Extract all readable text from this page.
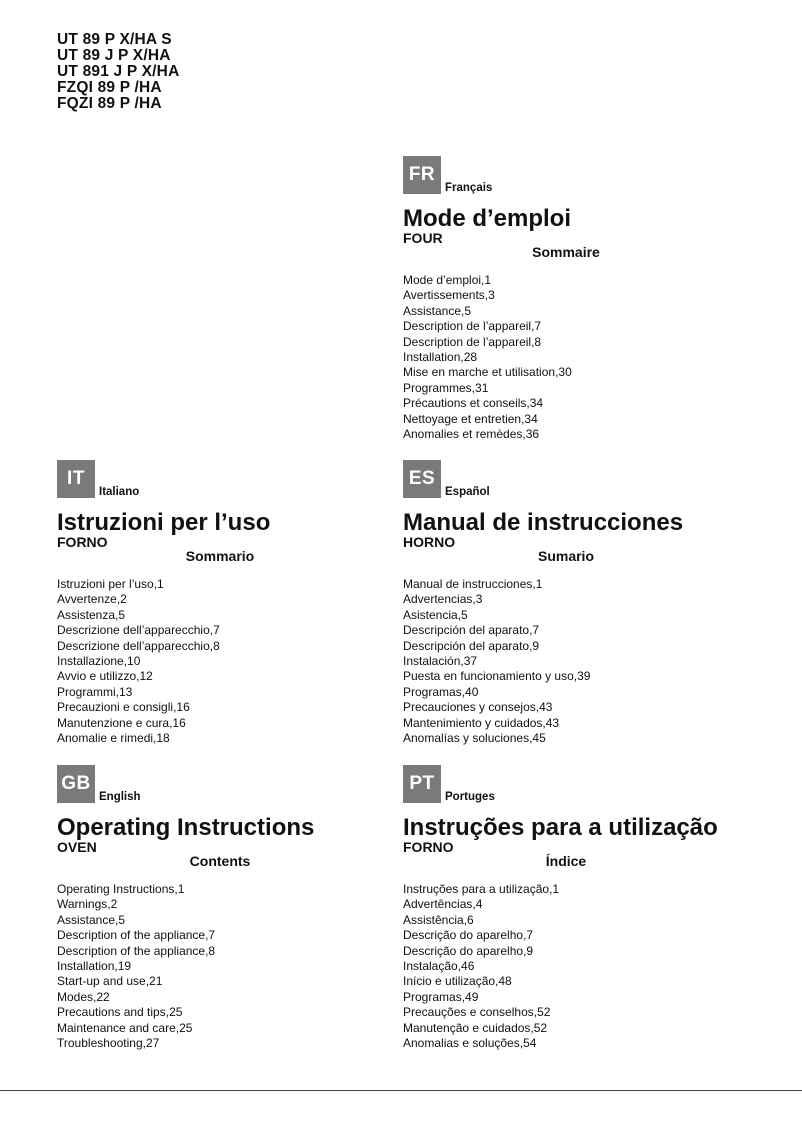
UT 89 P X/HA S
UT 89 J P X/HA
UT 891 J P X/HA
FZQI 89 P /HA
FQZI 89 P /HA
FR
Français
Mode d’emploi
FOUR
Sommaire
Mode d’emploi,1
Avertissements,3
Assistance,5
Description de l’appareil,7
Description de l’appareil,8
Installation,28
Mise en marche et utilisation,30
Programmes,31
Précautions et conseils,34
Nettoyage et entretien,34
Anomalies et remèdes,36
IT
Italiano
Istruzioni per l’uso
FORNO
Sommario
Istruzioni per l’uso,1
Avvertenze,2
Assistenza,5
Descrizione dell’apparecchio,7
Descrizione dell’apparecchio,8
Installazione,10
Avvio e utilizzo,12
Programmi,13
Precauzioni e consigli,16
Manutenzione e cura,16
Anomalie e rimedi,18
ES
Español
Manual de instrucciones
HORNO
Sumario
Manual de instrucciones,1
Advertencias,3
Asistencia,5
Descripción del aparato,7
Descripción del aparato,9
Instalación,37
Puesta en funcionamiento y uso,39
Programas,40
Precauciones y consejos,43
Mantenimiento y cuidados,43
Anomalías y soluciones,45
GB
English
Operating Instructions
OVEN
Contents
Operating Instructions,1
Warnings,2
Assistance,5
Description of the appliance,7
Description of the appliance,8
Installation,19
Start-up and use,21
Modes,22
Precautions and tips,25
Maintenance and care,25
Troubleshooting,27
PT
Portuges
Instruções para a utilização
FORNO
Índice
Instruções para a utilização,1
Advertências,4
Assistência,6
Descrição do aparelho,7
Descrição do aparelho,9
Instalação,46
Início e utilização,48
Programas,49
Precauções e conselhos,52
Manutenção e cuidados,52
Anomalias e soluções,54
